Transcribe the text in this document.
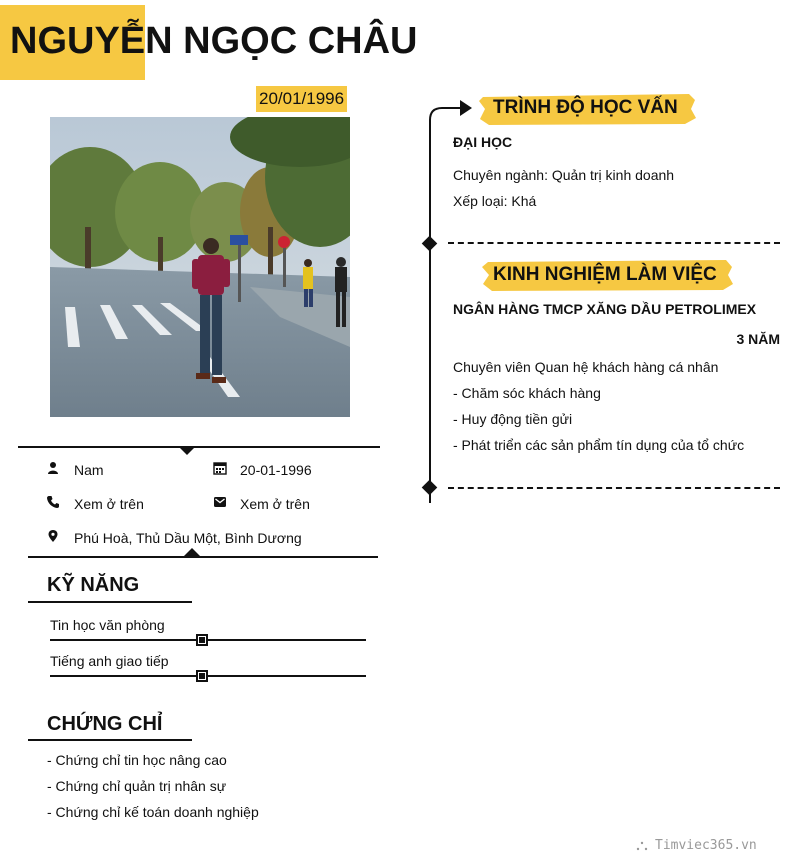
NGUYỄN NGỌC CHÂU
20/01/1996
Nam	20-01-1996
Xem ở trên	Xem ở trên
Phú Hoà, Thủ Dầu Một, Bình Dương
KỸ NĂNG
Tin học văn phòng
Tiếng anh giao tiếp
CHỨNG CHỈ
- Chứng chỉ tin học nâng cao
- Chứng chỉ quản trị nhân sự
- Chứng chỉ kế toán doanh nghiệp
TRÌNH ĐỘ HỌC VẤN
ĐẠI HỌC
Chuyên ngành: Quản trị kinh doanh
Xếp loại: Khá
KINH NGHIỆM LÀM VIỆC
NGÂN HÀNG TMCP XĂNG DẦU PETROLIMEX
3 NĂM
Chuyên viên Quan hệ khách hàng cá nhân
- Chăm sóc khách hàng
- Huy động tiền gửi
- Phát triển các sản phẩm tín dụng của tổ chức
Timviec365.vn
